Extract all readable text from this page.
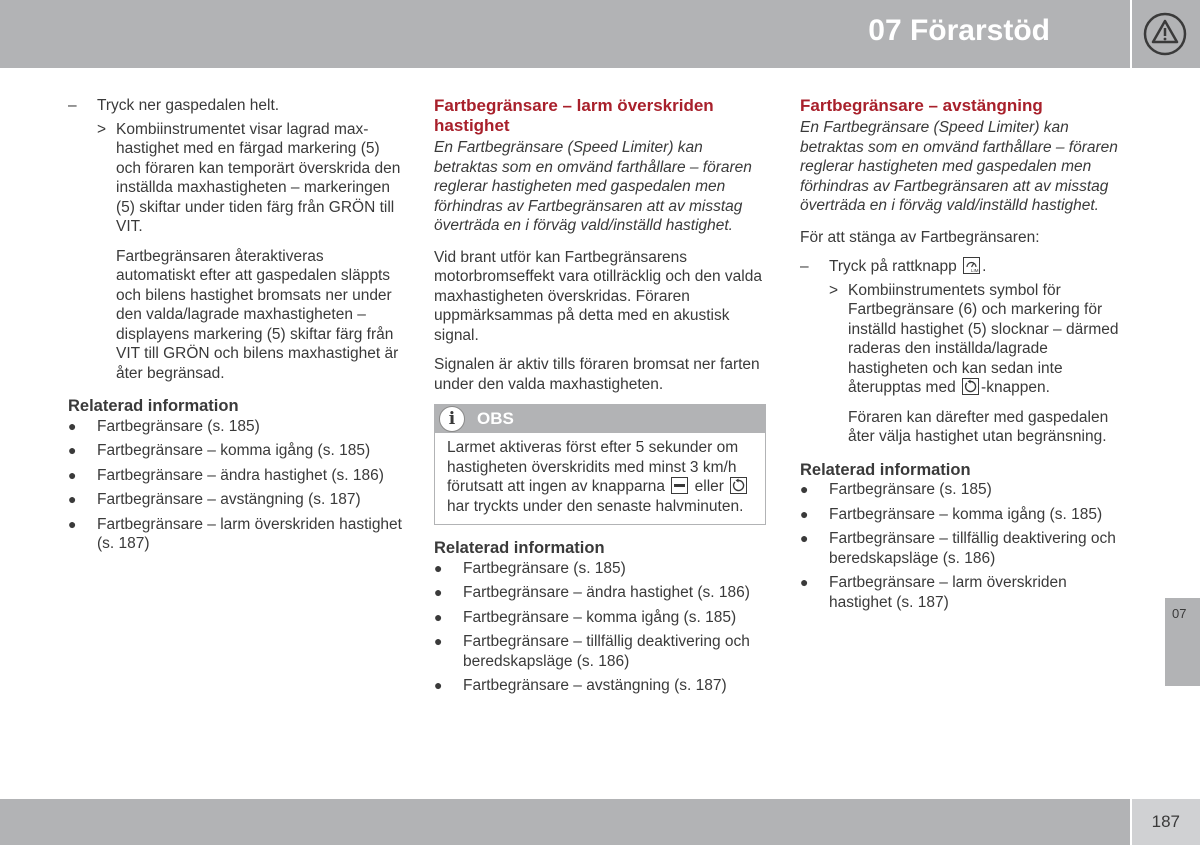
07 Förarstöd
–	Tryck ner gaspedalen helt.
> Kombiinstrumentet visar lagrad max-hastighet med en färgad markering (5) och föraren kan temporärt överskrida den inställda maxhastigheten – markeringen (5) skiftar under tiden färg från GRÖN till VIT.

Fartbegränsaren återaktiveras automatiskt efter att gaspedalen släppts och bilens hastighet bromsats ner under den valda/lagrade maxhastigheten – displayens markering (5) skiftar färg från VIT till GRÖN och bilens maxhastighet är åter begränsad.

Relaterad information
●	Fartbegränsare (s. 185)
●	Fartbegränsare – komma igång (s. 185)
●	Fartbegränsare – ändra hastighet (s. 186)
●	Fartbegränsare – avstängning (s. 187)
●	Fartbegränsare – larm överskriden hastighet (s. 187)
Fartbegränsare – larm överskriden hastighet

En Fartbegränsare (Speed Limiter) kan betraktas som en omvänd farthållare – föraren reglerar hastigheten med gaspedalen men förhindras av Fartbegränsaren att av misstag överträda en i förväg vald/inställd hastighet.

Vid brant utför kan Fartbegränsarens motorbromseffekt vara otillräcklig och den valda maxhastigheten överskridas. Föraren uppmärksammas på detta med en akustisk signal.

Signalen är aktiv tills föraren bromsat ner farten under den valda maxhastigheten.

i	OBS
Larmet aktiveras först efter 5 sekunder om hastigheten överskridits med minst 3 km/h förutsatt att ingen av knapparna eller
har tryckts under den senaste halvminuten.
Relaterad information
●	Fartbegränsare (s. 185)
●	Fartbegränsare – ändra hastighet (s. 186)
●	Fartbegränsare – komma igång (s. 185)
●	Fartbegränsare – tillfällig deaktivering och beredskapsläge (s. 186)
●	Fartbegränsare – avstängning (s. 187)
Fartbegränsare – avstängning

En Fartbegränsare (Speed Limiter) kan betraktas som en omvänd farthållare – föraren reglerar hastigheten med gaspedalen men förhindras av Fartbegränsaren att av misstag överträda en i förväg vald/inställd hastighet.

För att stänga av Fartbegränsaren:

–	Tryck på rattknapp	LIM .
> Kombiinstrumentets symbol för Fartbegränsare (6) och markering för inställd hastighet (5) slocknar – därmed raderas den inställda/lagrade hastigheten och kan sedan inte återupptas med -knappen.

Föraren kan därefter med gaspedalen åter välja hastighet utan begränsning.

Relaterad information
●	Fartbegränsare (s. 185)
●	Fartbegränsare – komma igång (s. 185)
●	Fartbegränsare – tillfällig deaktivering och beredskapsläge (s. 186)
●	Fartbegränsare – larm överskriden hastighet (s. 187)
07
187
